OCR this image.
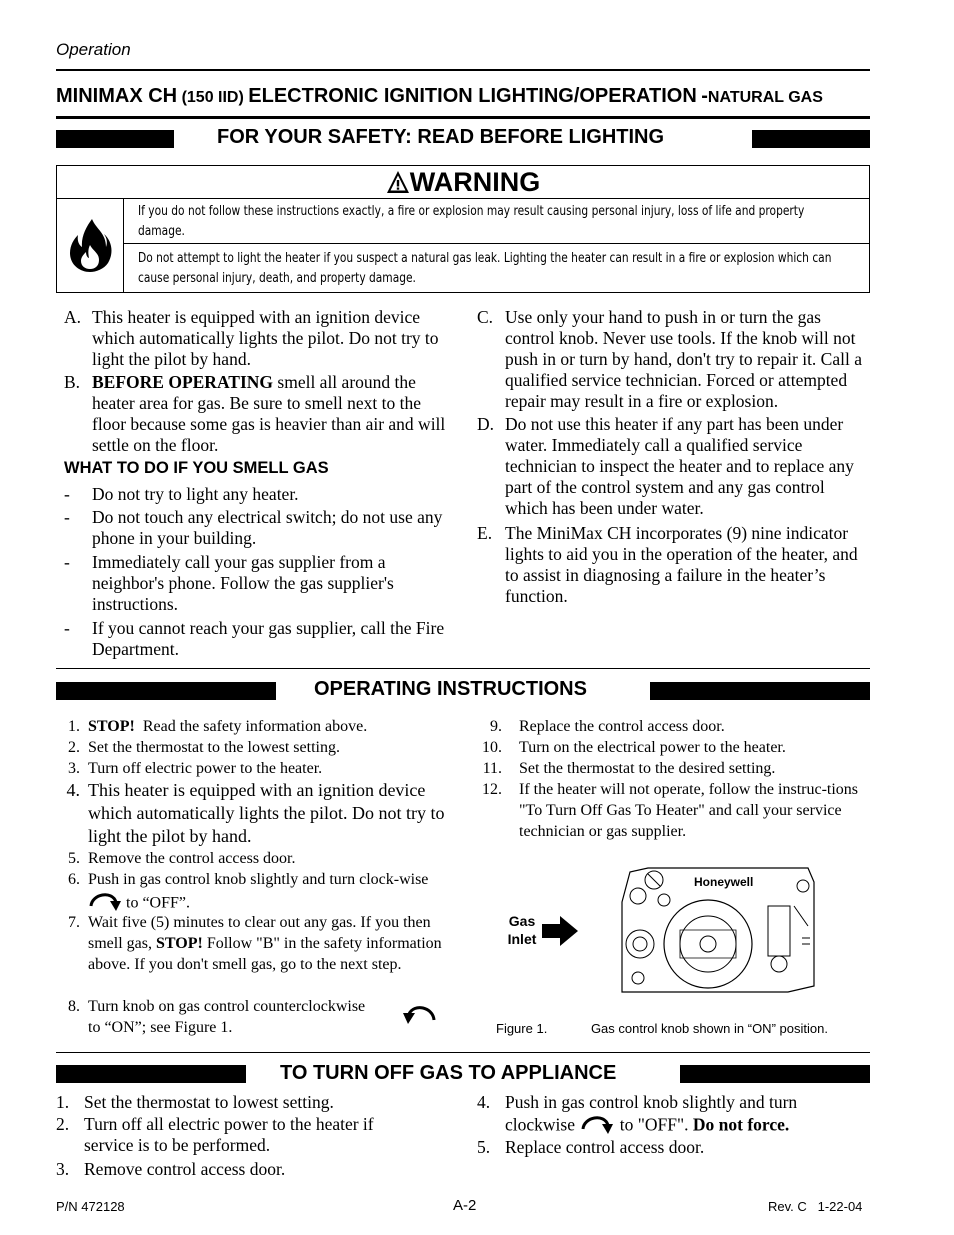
Operation
MINIMAX CH (150 IID) ELECTRONIC IGNITION LIGHTING/OPERATION -NATURAL GAS
FOR YOUR SAFETY: READ BEFORE LIGHTING
WARNING
If you do not follow these instructions exactly, a fire or explosion may result causing personal injury, loss of life and property damage.
Do not attempt to light the heater if you suspect a natural gas leak. Lighting the heater can result in a fire or explosion which can cause personal injury, death, and property damage.
A. This heater is equipped with an ignition device which automatically lights the pilot. Do not try to light the pilot by hand.
B. BEFORE OPERATING smell all around the heater area for gas. Be sure to smell next to the floor because some gas is heavier than air and will settle on the floor.
WHAT TO DO IF YOU SMELL GAS
- Do not try to light any heater.
- Do not touch any electrical switch; do not use any phone in your building.
- Immediately call your gas supplier from a neighbor's phone. Follow the gas supplier's instructions.
- If you cannot reach your gas supplier, call the Fire Department.
C. Use only your hand to push in or turn the gas control knob. Never use tools. If the knob will not push in or turn by hand, don't try to repair it. Call a qualified service technician. Forced or attempted repair may result in a fire or explosion.
D. Do not use this heater if any part has been under water. Immediately call a qualified service technician to inspect the heater and to replace any part of the control system and any gas control which has been under water.
E. The MiniMax CH incorporates (9) nine indicator lights to aid you in the operation of the heater, and to assist in diagnosing a failure in the heater’s function.
OPERATING INSTRUCTIONS
1. STOP!  Read the safety information above.
2. Set the thermostat to the lowest setting.
3. Turn off electric power to the heater.
4. This heater is equipped with an ignition device which automatically lights the pilot. Do not try to light the pilot by hand.
5. Remove the control access door.
6. Push in gas control knob slightly and turn clock-wise  to “OFF”.
7. Wait five (5) minutes to clear out any gas. If you then smell gas, STOP! Follow "B" in the safety information above. If you don't smell gas, go to the next step.
8. Turn knob on gas control counterclockwise
to “ON”; see Figure 1.
9. Replace the control access door.
10. Turn on the electrical power to the heater.
11. Set the thermostat to the desired setting.
12. If the heater will not operate, follow the instruc-tions "To Turn Off Gas To Heater" and call your service technician or gas supplier.
Gas
Inlet
Honeywell
Figure 1.	Gas control knob shown in “ON” position.
TO TURN OFF GAS TO APPLIANCE
1. Set the thermostat to lowest setting.
2. Turn off all electric power to the heater if service is to be performed.
3. Remove control access door.
4. Push in gas control knob slightly and turn clockwise	to "OFF". Do not force.
5. Replace control access door.
P/N 472128	A-2	Rev. C   1-22-04
